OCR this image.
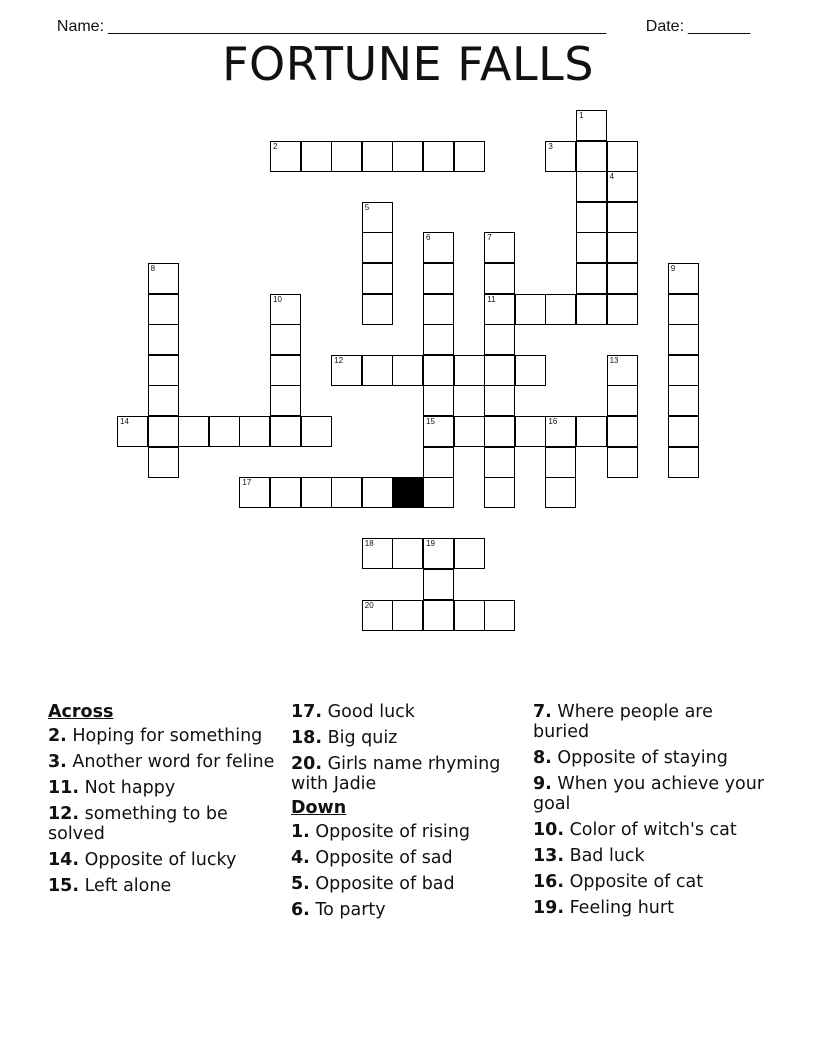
Name: ________________________________________________________
	Date: _______

FORTUNE FALLS
1
2	3
4
5
6	7
8	9
10	11
12	13
14	15	16
17
18	19
20
Across
2. Hoping for something
3. Another word for feline
11. Not happy
12. something to be solved
14. Opposite of lucky
15. Left alone
17. Good luck
18. Big quiz
20. Girls name rhyming with Jadie
Down
1. Opposite of rising
4. Opposite of sad
5. Opposite of bad
6. To party
7. Where people are buried
8. Opposite of staying
9. When you achieve your goal
10. Color of witch's cat
13. Bad luck
16. Opposite of cat
19. Feeling hurt
